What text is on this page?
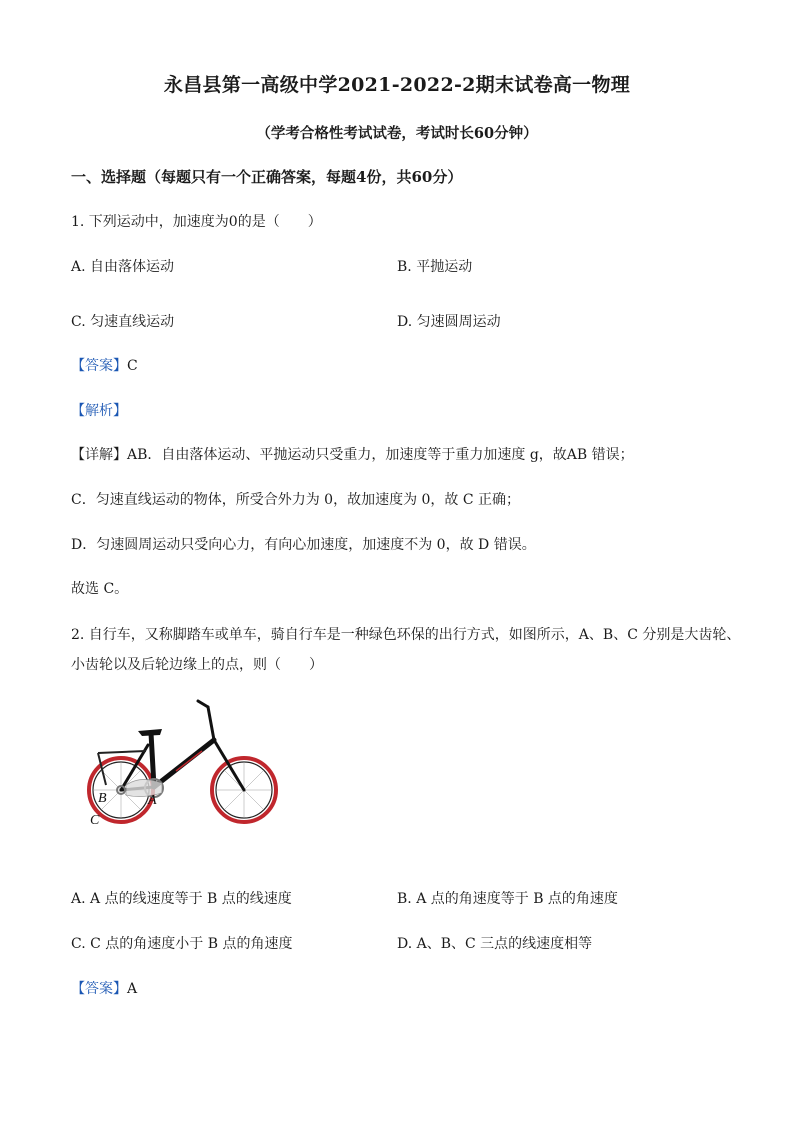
永昌县第一高级中学2021-2022-2期末试卷高一物理
（学考合格性考试试卷，考试时长60分钟）
一、选择题（每题只有一个正确答案，每题4份，共60分）
1. 下列运动中，加速度为0的是（　　）
A. 自由落体运动	B. 平抛运动
C. 匀速直线运动	D. 匀速圆周运动
【答案】C
【解析】
【详解】AB．自由落体运动、平抛运动只受重力，加速度等于重力加速度 g，故AB 错误；
C．匀速直线运动的物体，所受合外力为 0，故加速度为 0，故 C 正确；
D．匀速圆周运动只受向心力，有向心加速度，加速度不为 0，故 D 错误。
故选 C。
2. 自行车，又称脚踏车或单车，骑自行车是一种绿色环保的出行方式，如图所示，A、B、C 分别是大齿轮、
小齿轮以及后轮边缘上的点，则（　　）
B	A
C
A. A 点的线速度等于 B 点的线速度	B. A 点的角速度等于 B 点的角速度
C. C 点的角速度小于 B 点的角速度	D. A、B、C 三点的线速度相等
【答案】A
